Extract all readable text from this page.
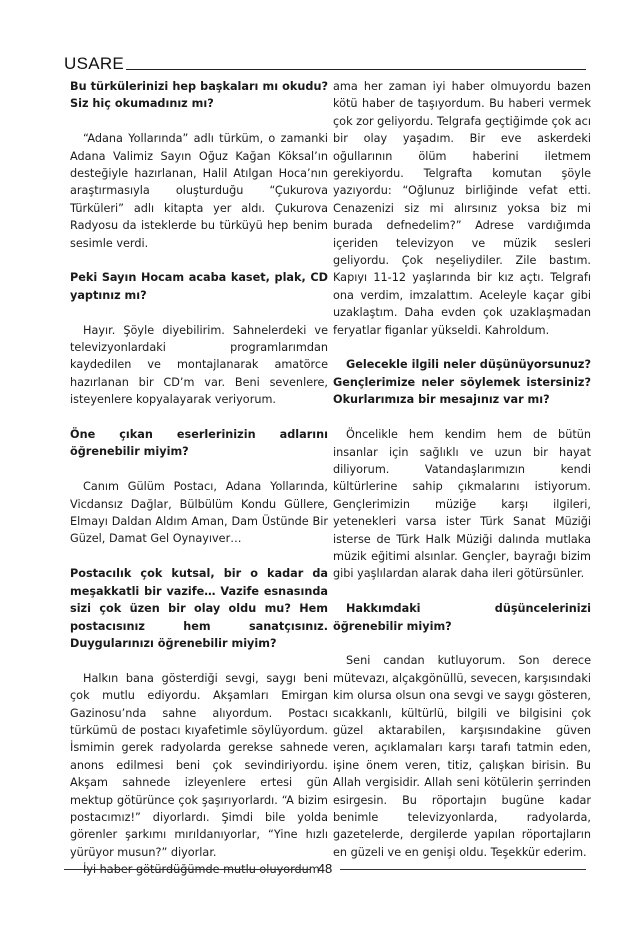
USARE

Bu türkülerinizi hep başkaları mı okudu? Siz hiç okumadınız mı?

“Adana Yollarında” adlı türküm, o zamanki Adana Valimiz Sayın Oğuz Kağan Köksal’ın desteğiyle hazırlanan, Halil Atılgan Hoca’nın araştırmasıyla oluşturduğu “Çukurova Türküleri” adlı kitapta yer aldı. Çukurova Radyosu da isteklerde bu türküyü hep benim sesimle verdi.

Peki Sayın Hocam acaba kaset, plak, CD yaptınız mı?

Hayır. Şöyle diyebilirim. Sahnelerdeki ve televizyonlardaki programlarımdan kaydedilen ve montajlanarak amatörce hazırlanan bir CD’m var. Beni sevenlere, isteyenlere kopyalayarak veriyorum.

Öne çıkan eserlerinizin adlarını öğrenebilir miyim?

Canım Gülüm Postacı, Adana Yollarında, Vicdansız Dağlar, Bülbülüm Kondu Güllere, Elmayı Daldan Aldım Aman, Dam Üstünde Bir Güzel, Damat Gel Oynayıver…

Postacılık çok kutsal, bir o kadar da meşakkatli bir vazife… Vazife esnasında sizi çok üzen bir olay oldu mu? Hem postacısınız hem sanatçısınız. Duygularınızı öğrenebilir miyim?

Halkın bana gösterdiği sevgi, saygı beni çok mutlu ediyordu. Akşamları Emirgan Gazinosu’nda sahne alıyordum. Postacı türkümü de postacı kıyafetimle söylüyordum. İsmimin gerek radyolarda gerekse sahnede anons edilmesi beni çok sevindiriyordu. Akşam sahnede izleyenlere ertesi gün mektup götürünce çok şaşırıyorlardı. “A bizim postacımız!” diyorlardı. Şimdi bile yolda görenler şarkımı mırıldanıyorlar, “Yine hızlı yürüyor musun?” diyorlar.

İyi haber götürdüğümde mutlu oluyordum

ama her zaman iyi haber olmuyordu bazen kötü haber de taşıyordum. Bu haberi vermek çok zor geliyordu. Telgrafa geçtiğimde çok acı bir olay yaşadım. Bir eve askerdeki oğullarının ölüm haberini iletmem gerekiyordu. Telgrafta komutan şöyle yazıyordu: “Oğlunuz birliğinde vefat etti. Cenazenizi siz mi alırsınız yoksa biz mi burada defnedelim?” Adrese vardığımda içeriden televizyon ve müzik sesleri geliyordu. Çok neşeliydiler. Zile bastım. Kapıyı 11-12 yaşlarında bir kız açtı. Telgrafı ona verdim, imzalattım. Aceleyle kaçar gibi uzaklaştım. Daha evden çok uzaklaşmadan feryatlar figanlar yükseldi. Kahroldum.

Gelecekle ilgili neler düşünüyorsunuz? Gençlerimize neler söylemek istersiniz? Okurlarımıza bir mesajınız var mı?

Öncelikle hem kendim hem de bütün insanlar için sağlıklı ve uzun bir hayat diliyorum. Vatandaşlarımızın kendi kültürlerine sahip çıkmalarını istiyorum. Gençlerimizin müziğe karşı ilgileri, yetenekleri varsa ister Türk Sanat Müziği isterse de Türk Halk Müziği dalında mutlaka müzik eğitimi alsınlar. Gençler, bayrağı bizim gibi yaşlılardan alarak daha ileri götürsünler.

Hakkımdaki düşüncelerinizi öğrenebilir miyim?

Seni candan kutluyorum. Son derece mütevazı, alçakgönüllü, sevecen, karşısındaki kim olursa olsun ona sevgi ve saygı gösteren, sıcakkanlı, kültürlü, bilgili ve bilgisini çok güzel aktarabilen, karşısındakine güven veren, açıklamaları karşı tarafı tatmin eden, işine önem veren, titiz, çalışkan birisin. Bu Allah vergisidir. Allah seni kötülerin şerrinden esirgesin. Bu röportajın bugüne kadar benimle televizyonlarda, radyolarda, gazetelerde, dergilerde yapılan röportajların en güzeli ve en genişi oldu. Teşekkür ederim.

48
